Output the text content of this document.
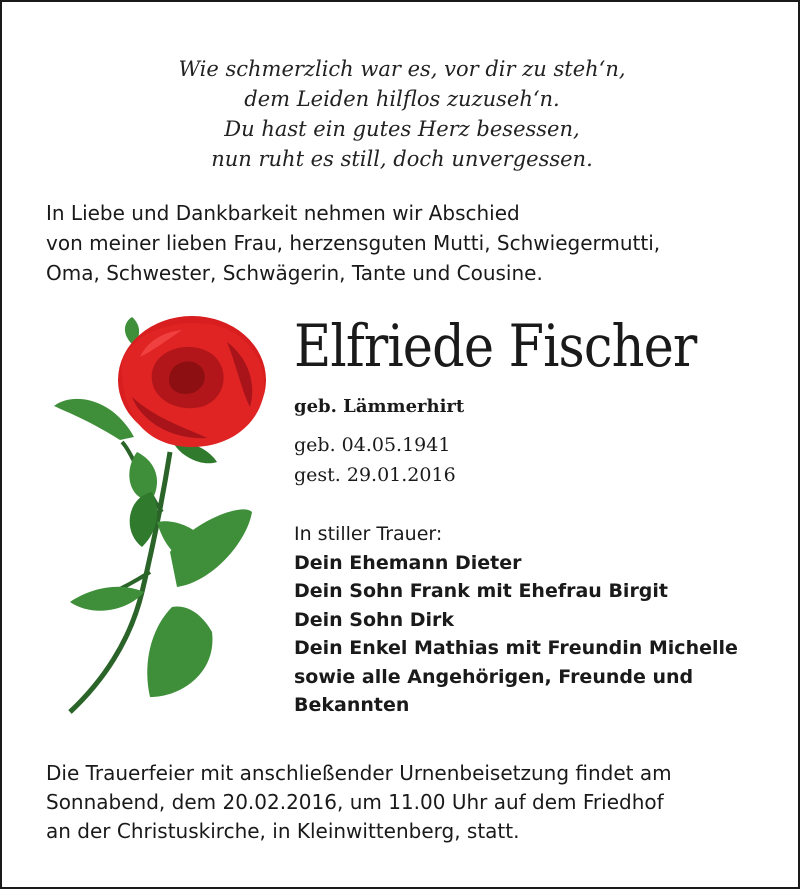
Wie schmerzlich war es, vor dir zu steh‘n,
dem Leiden hilflos zuzuseh‘n.
Du hast ein gutes Herz besessen,
nun ruht es still, doch unvergessen.
In Liebe und Dankbarkeit nehmen wir Abschied
von meiner lieben Frau, herzensguten Mutti, Schwiegermutti,
Oma, Schwester, Schwägerin, Tante und Cousine.
Elfriede Fischer
geb. Lämmerhirt
geb. 04.05.1941
gest. 29.01.2016
In stiller Trauer:
Dein Ehemann Dieter
Dein Sohn Frank mit Ehefrau Birgit
Dein Sohn Dirk
Dein Enkel Mathias mit Freundin Michelle
sowie alle Angehörigen, Freunde und
Bekannten
Die Trauerfeier mit anschließender Urnenbeisetzung findet am
Sonnabend, dem 20.02.2016, um 11.00 Uhr auf dem Friedhof
an der Christuskirche, in Kleinwittenberg, statt.
